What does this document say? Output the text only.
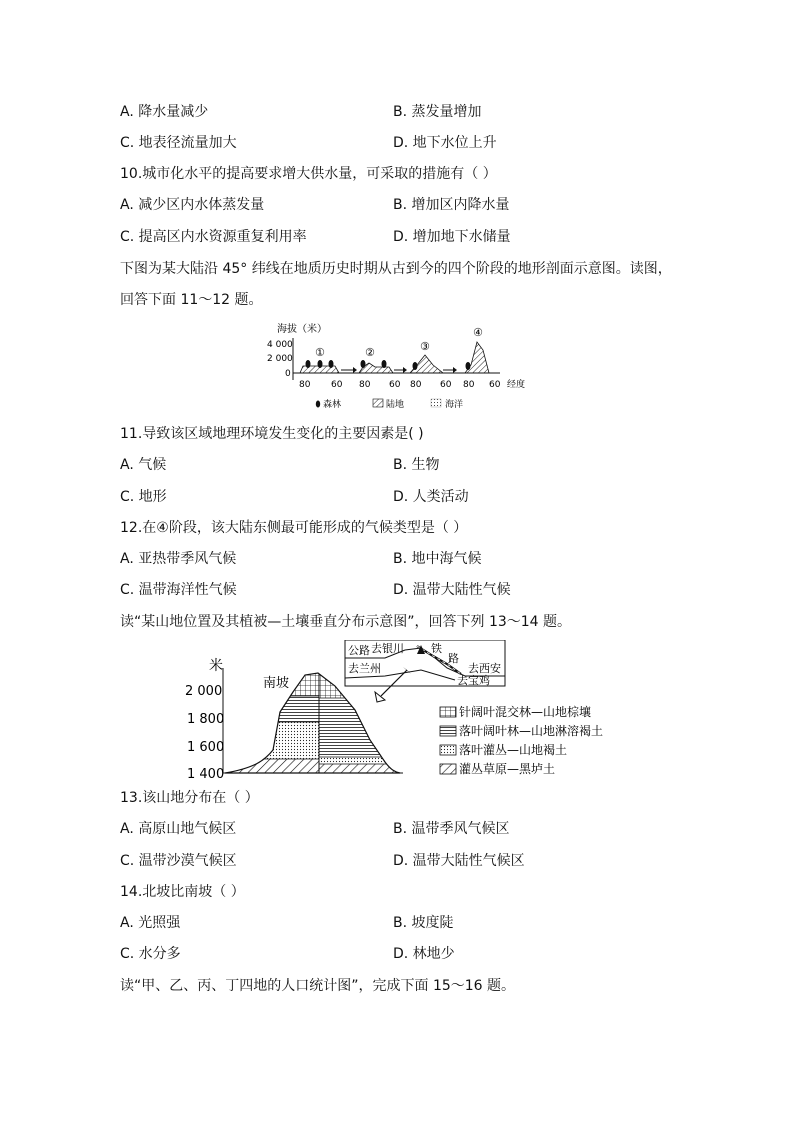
A. 降水量减少	B. 蒸发量增加
C. 地表径流量加大	D. 地下水位上升
10.城市化水平的提高要求增大供水量，可采取的措施有（ ）
A. 减少区内水体蒸发量	B. 增加区内降水量
C. 提高区内水资源重复利用率	D. 增加地下水储量
下图为某大陆沿 45° 纬线在地质历史时期从古到今的四个阶段的地形剖面示意图。读图，
回答下面 11～12 题。
海拔（米）
4 000
2 000
0
①	②	③
④
80 60 80 60 80 60 80 60 经度
森林	陆地	海洋
11.导致该区域地理环境发生变化的主要因素是( )
A. 气候	B. 生物
C. 地形	D. 人类活动
12.在④阶段，该大陆东侧最可能形成的气候类型是（ ）
A. 亚热带季风气候	B. 地中海气候
C. 温带海洋性气候	D. 温带大陆性气候
读“某山地位置及其植被—土壤垂直分布示意图”，回答下列 13～14 题。
米
2 000
1 800
1 600
1 400
南坡
公路 去银川
去兰州
铁
路
去西安
去宝鸡
针阔叶混交林—山地棕壤
落叶阔叶林—山地淋溶褐土
落叶灌丛—山地褐土
灌丛草原—黑垆土
13.该山地分布在（ ）
A. 高原山地气候区	B. 温带季风气候区
C. 温带沙漠气候区	D. 温带大陆性气候区
14.北坡比南坡（ ）
A. 光照强	B. 坡度陡
C. 水分多	D. 林地少
读“甲、乙、丙、丁四地的人口统计图”，完成下面 15～16 题。
